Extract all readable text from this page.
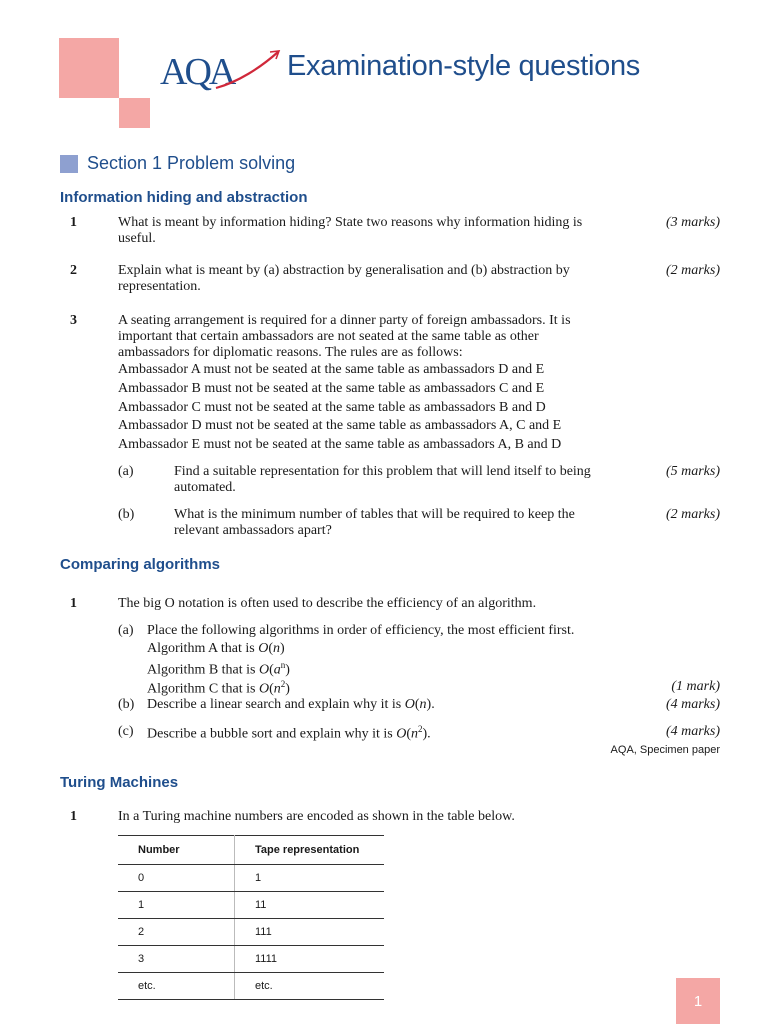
AQA Examination-style questions
Section 1 Problem solving
Information hiding and abstraction
1	What is meant by information hiding? State two reasons why information hiding is useful.
(3 marks)
2	Explain what is meant by (a) abstraction by generalisation and (b) abstraction by representation.
(2 marks)
3	A seating arrangement is required for a dinner party of foreign ambassadors. It is important that certain ambassadors are not seated at the same table as other ambassadors for diplomatic reasons. The rules are as follows:
Ambassador A must not be seated at the same table as ambassadors D and E
Ambassador B must not be seated at the same table as ambassadors C and E
Ambassador C must not be seated at the same table as ambassadors B and D
Ambassador D must not be seated at the same table as ambassadors A, C and E
Ambassador E must not be seated at the same table as ambassadors A, B and D
(a)	Find a suitable representation for this problem that will lend itself to being automated.
(5 marks)
(b)	What is the minimum number of tables that will be required to keep the relevant ambassadors apart?
(2 marks)
Comparing algorithms
1	The big O notation is often used to describe the efficiency of an algorithm.
(a) Place the following algorithms in order of efficiency, the most efficient first.
Algorithm A that is O(n)
Algorithm B that is $O(a^n)$
Algorithm C that is $O(n^2)$	(1 mark)
(b) Describe a linear search and explain why it is O(n).	(4 marks)
(c) Describe a bubble sort and explain why it is $O(n^2)$.	(4 marks)
AQA, Specimen paper
Turing Machines
1	In a Turing machine numbers are encoded as shown in the table below.
Number	Tape representation
0	1
1	11
2	111
3	1111
etc.	etc.
1
